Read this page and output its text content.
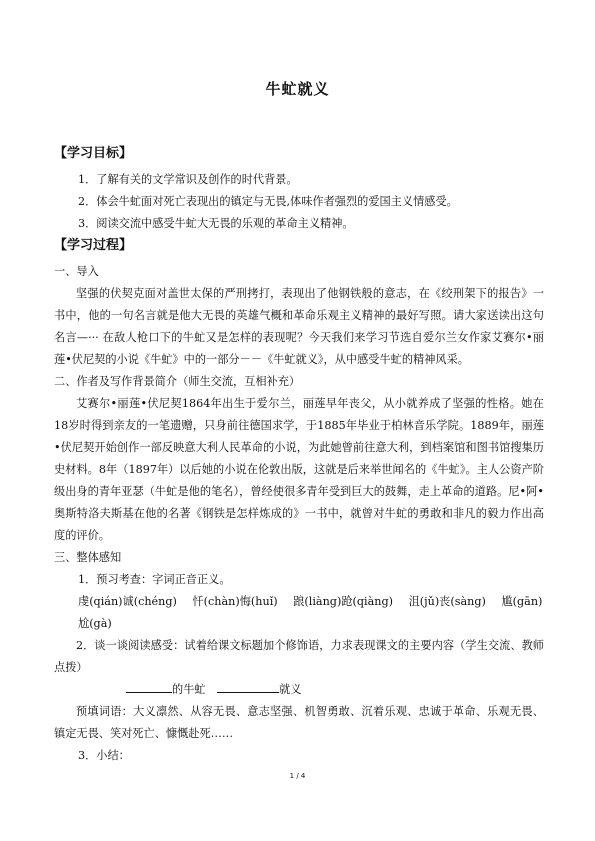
牛虻就义

【学习目标】

1．了解有关的文学常识及创作的时代背景。

2．体会牛虻面对死亡表现出的镇定与无畏,体味作者强烈的爱国主义情感受。

3．阅读交流中感受牛虻大无畏的乐观的革命主义精神。

【学习过程】

一、导入

坚强的伏契克面对盖世太保的严刑拷打，表现出了他钢铁般的意志，在《绞刑架下的报告》一书中，他的一句名言就是他大无畏的英雄气概和革命乐观主义精神的最好写照。请大家送读出这句名言—··· 在敌人枪口下的牛虻又是怎样的表现呢？今天我们来学习节选自爱尔兰女作家艾赛尔•丽莲•伏尼契的小说《牛虻》中的一部分－－《牛虻就义》，从中感受牛虻的精神风采。

二、作者及写作背景简介（师生交流，互相补充）

艾赛尔•丽莲•伏尼契1864年出生于爱尔兰，丽莲早年丧父，从小就养成了坚强的性格。她在18岁时得到亲友的一笔遗赠，只身前往德国求学，于1885年毕业于柏林音乐学院。1889年，丽莲•伏尼契开始创作一部反映意大利人民革命的小说，为此她曾前往意大利，到档案馆和图书馆搜集历史材料。8年（1897年）以后她的小说在伦敦出版，这就是后来举世闻名的《牛虻》。主人公资产阶级出身的青年亚瑟（牛虻是他的笔名），曾经使很多青年受到巨大的鼓舞，走上革命的道路。尼•阿•奥斯特洛夫斯基在他的名著《钢铁是怎样炼成的》一书中，就曾对牛虻的勇敢和非凡的毅力作出高度的评价。

三、整体感知

1．预习考查：字词正音正义。

虔(qián)诚(chéng) 忏(chàn)悔(huǐ) 踉(liàng)跄(qiàng) 沮(jǔ)丧(sàng) 尴(gān)尬(gà)

2．谈一谈阅读感受：试着给课文标题加个修饰语，力求表现课文的主要内容（学生交流、教师点拨）

的牛虻	就义

预填词语：大义凛然、从容无畏、意志坚强、机智勇敢、沉着乐观、忠诚于革命、乐观无畏、镇定无畏、笑对死亡、慷慨赴死……

3．小结：

1 / 4
